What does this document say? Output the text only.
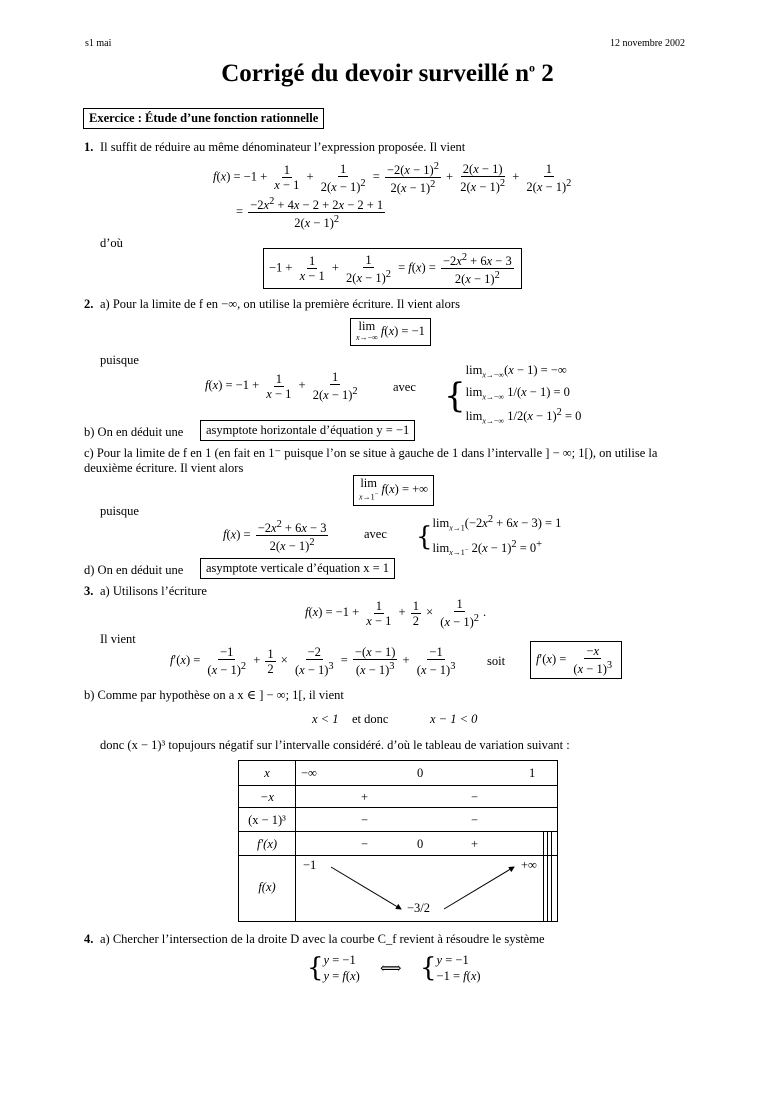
s1 mai	12 novembre 2002
Corrigé du devoir surveillé $n^o$ 2
Exercice : Étude d’une fonction rationnelle
1. Il suffit de réduire au même dénominateur l’expression proposée. Il vient
$f(x) = -1 + \frac{1}{x - 1} + \frac{1}{2(x - 1)^2} = \frac{-2(x - 1)^2}{2(x - 1)^2} + \frac{2(x - 1)}{2(x - 1)^2} + \frac{1}{2(x - 1)^2}$
= $\frac{-2x^2 + 4x - 2 + 2x - 2 + 1}{2(x - 1)^2}$
d’où
$-1 + \frac{1}{x - 1} + \frac{1}{2(x - 1)^2} = f(x) = \frac{-2x^2 + 6x - 3}{2(x - 1)^2}$
2. a) Pour la limite de f en −∞, on utilise la première écriture. Il vient alors
lim
x→−∞ f(x) = −1
puisque
$f(x) = -1 + \frac{1}{x - 1} + \frac{1}{2(x - 1)^2}$	avec {
$\lim_{x\to-\infty}(x - 1)$ = −∞
$\lim_{x\to-\infty} 1/(x - 1) = 0$
$\lim_{x\to-\infty} 1/2(x - 1)^2 = 0$
b) On en déduit une	asymptote horizontale d’équation y = −1
c) Pour la limite de f en 1 (en fait en 1⁻ puisque l’on se situe à gauche de 1 dans l’intervalle ] − ∞; 1[), on utilise la deuxième écriture. Il vient alors
lim
x→1− f(x) = +∞
puisque
$f(x) = \frac{-2x^2 + 6x - 3}{2(x - 1)^2}$	avec { $\lim_{x\to 1}(-2x^2 + 6x - 3) = 1$
$\lim_{x\to 1^-} 2(x - 1)^2 = 0^+$
d) On en déduit une	asymptote verticale d’équation x = 1
3. a) Utilisons l’écriture
$f(x) = -1 + \frac{1}{x - 1} + \frac{1}{2} \times \frac{1}{(x - 1)^2}$ .
Il vient
$f'(x) = \frac{-1}{(x - 1)^2} + \frac{1}{2} \times \frac{-2}{(x - 1)^3} = \frac{-(x - 1)}{(x - 1)^3} + \frac{-1}{(x - 1)^3}$ soit	$f'(x) = \frac{-x}{(x - 1)^3}$
b) Comme par hypothèse on a x ∈ ] − ∞; 1[, il vient
x < 1 et donc	x − 1 < 0
donc (x − 1)³ topujours négatif sur l’intervalle considéré. d’où le tableau de variation suivant :
x	−∞	0	1
−x	+	−
(x − 1)³	−	−
f′(x)	−	0	+
f(x)
−1
−3/2
+∞
4. a) Chercher l’intersection de la droite D avec la courbe C_f revient à résoudre le système
{ y = −1
y = f(x) ⟺ { y = −1
−1 = f(x)
